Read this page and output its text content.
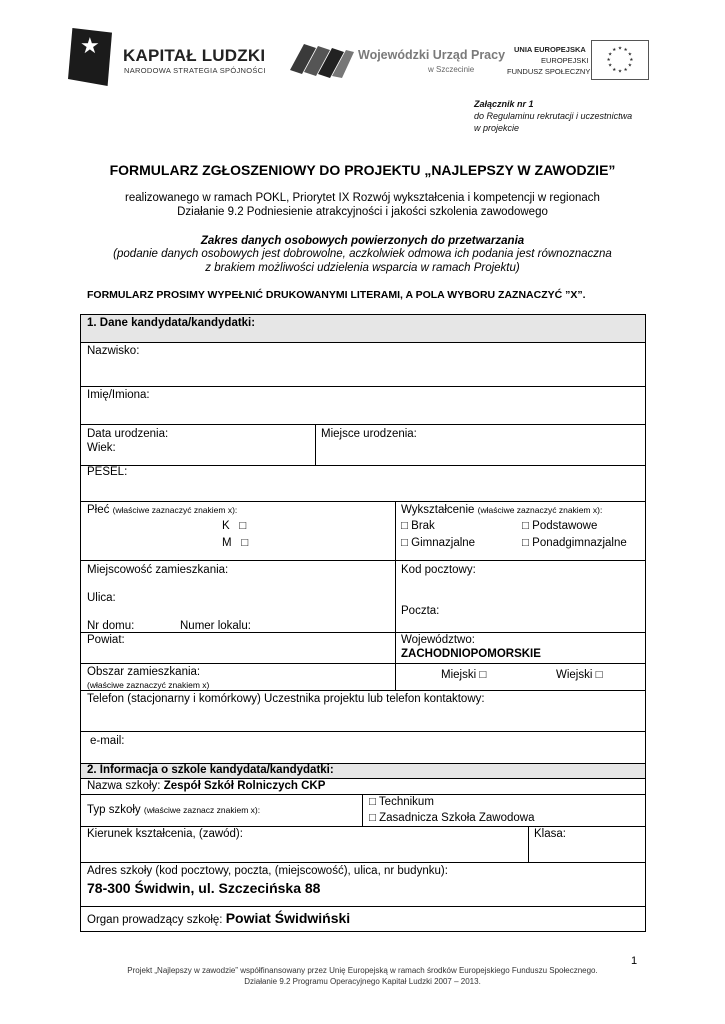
★ KAPITAŁ LUDZKI
NARODOWA STRATEGIA SPÓJNOŚCI
Wojewódzki Urząd Pracy
w Szczecinie
UNIA EUROPEJSKA
EUROPEJSKI
FUNDUSZ SPOŁECZNY
★ ★
★
★
★
★
★
★
★
★
★
★
Załącznik nr 1
do Regulaminu rekrutacji i uczestnictwa
w projekcie
FORMULARZ ZGŁOSZENIOWY DO PROJEKTU „NAJLEPSZY W ZAWODZIE”
realizowanego w ramach POKL, Priorytet IX Rozwój wykształcenia i kompetencji w regionach
Działanie 9.2 Podniesienie atrakcyjności i jakości szkolenia zawodowego
Zakres danych osobowych powierzonych do przetwarzania
(podanie danych osobowych jest dobrowolne, aczkolwiek odmowa ich podania jest równoznaczna
z brakiem możliwości udzielenia wsparcia w ramach Projektu)
FORMULARZ PROSIMY WYPEŁNIĆ DRUKOWANYMI LITERAMI, A POLA WYBORU ZAZNACZYĆ ”X”.
1. Dane kandydata/kandydatki:
Nazwisko:
Imię/Imiona:
Data urodzenia:
Wiek:
Miejsce urodzenia:
PESEL:
Płeć (właściwe zaznaczyć znakiem x):
K □
M □
Wykształcenie (właściwe zaznaczyć znakiem x):
□ Brak	□ Podstawowe
□ Gimnazjalne	□ Ponadgimnazjalne
Miejscowość zamieszkania:
Ulica:
Nr domu:	Numer lokalu:
Kod pocztowy:
Poczta:
Powiat:	Województwo:
ZACHODNIOPOMORSKIE
Obszar zamieszkania:
(właściwe zaznaczyć znakiem x)
Miejski □	Wiejski □
Telefon (stacjonarny i komórkowy) Uczestnika projektu lub telefon kontaktowy:
e-mail:
2. Informacja o szkole kandydata/kandydatki:
Nazwa szkoły: Zespół Szkół Rolniczych CKP
Typ szkoły (właściwe zaznacz znakiem x):
□ Technikum
□ Zasadnicza Szkoła Zawodowa
Kierunek kształcenia, (zawód):	Klasa:
Adres szkoły (kod pocztowy, poczta, (miejscowość), ulica, nr budynku):
78-300 Świdwin, ul. Szczecińska 88
Organ prowadzący szkołę: Powiat Świdwiński
1
Projekt „Najlepszy w zawodzie” współfinansowany przez Unię Europejską w ramach środków Europejskiego Funduszu Społecznego.
Działanie 9.2 Programu Operacyjnego Kapitał Ludzki 2007 – 2013.
